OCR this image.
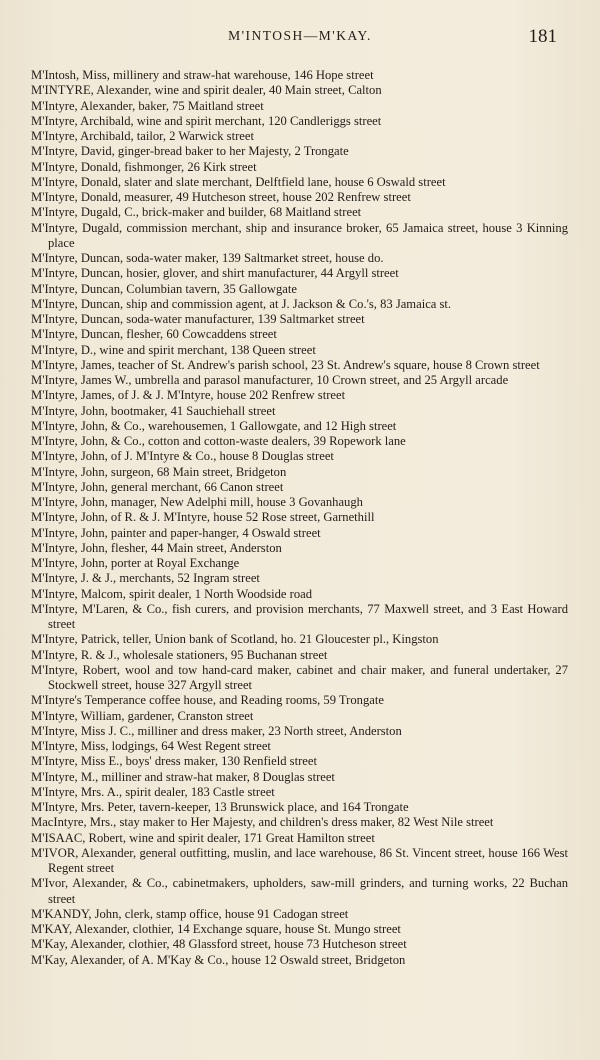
M'INTOSH—M'KAY.	181
M'Intosh, Miss, millinery and straw-hat warehouse, 146 Hope street
M'INTYRE, Alexander, wine and spirit dealer, 40 Main street, Calton
M'Intyre, Alexander, baker, 75 Maitland street
M'Intyre, Archibald, wine and spirit merchant, 120 Candleriggs street
M'Intyre, Archibald, tailor, 2 Warwick street
M'Intyre, David, ginger-bread baker to her Majesty, 2 Trongate
M'Intyre, Donald, fishmonger, 26 Kirk street
M'Intyre, Donald, slater and slate merchant, Delftfield lane, house 6 Oswald street
M'Intyre, Donald, measurer, 49 Hutcheson street, house 202 Renfrew street
M'Intyre, Dugald, C., brick-maker and builder, 68 Maitland street
M'Intyre, Dugald, commission merchant, ship and insurance broker, 65 Jamaica street, house 3 Kinning place
M'Intyre, Duncan, soda-water maker, 139 Saltmarket street, house do.
M'Intyre, Duncan, hosier, glover, and shirt manufacturer, 44 Argyll street
M'Intyre, Duncan, Columbian tavern, 35 Gallowgate
M'Intyre, Duncan, ship and commission agent, at J. Jackson & Co.'s, 83 Jamaica st.
M'Intyre, Duncan, soda-water manufacturer, 139 Saltmarket street
M'Intyre, Duncan, flesher, 60 Cowcaddens street
M'Intyre, D., wine and spirit merchant, 138 Queen street
M'Intyre, James, teacher of St. Andrew's parish school, 23 St. Andrew's square, house 8 Crown street
M'Intyre, James W., umbrella and parasol manufacturer, 10 Crown street, and 25 Argyll arcade
M'Intyre, James, of J. & J. M'Intyre, house 202 Renfrew street
M'Intyre, John, bootmaker, 41 Sauchiehall street
M'Intyre, John, & Co., warehousemen, 1 Gallowgate, and 12 High street
M'Intyre, John, & Co., cotton and cotton-waste dealers, 39 Ropework lane
M'Intyre, John, of J. M'Intyre & Co., house 8 Douglas street
M'Intyre, John, surgeon, 68 Main street, Bridgeton
M'Intyre, John, general merchant, 66 Canon street
M'Intyre, John, manager, New Adelphi mill, house 3 Govanhaugh
M'Intyre, John, of R. & J. M'Intyre, house 52 Rose street, Garnethill
M'Intyre, John, painter and paper-hanger, 4 Oswald street
M'Intyre, John, flesher, 44 Main street, Anderston
M'Intyre, John, porter at Royal Exchange
M'Intyre, J. & J., merchants, 52 Ingram street
M'Intyre, Malcom, spirit dealer, 1 North Woodside road
M'Intyre, M'Laren, & Co., fish curers, and provision merchants, 77 Maxwell street, and 3 East Howard street
M'Intyre, Patrick, teller, Union bank of Scotland, ho. 21 Gloucester pl., Kingston
M'Intyre, R. & J., wholesale stationers, 95 Buchanan street
M'Intyre, Robert, wool and tow hand-card maker, cabinet and chair maker, and funeral undertaker, 27 Stockwell street, house 327 Argyll street
M'Intyre's Temperance coffee house, and Reading rooms, 59 Trongate
M'Intyre, William, gardener, Cranston street
M'Intyre, Miss J. C., milliner and dress maker, 23 North street, Anderston
M'Intyre, Miss, lodgings, 64 West Regent street
M'Intyre, Miss E., boys' dress maker, 130 Renfield street
M'Intyre, M., milliner and straw-hat maker, 8 Douglas street
M'Intyre, Mrs. A., spirit dealer, 183 Castle street
M'Intyre, Mrs. Peter, tavern-keeper, 13 Brunswick place, and 164 Trongate
MacIntyre, Mrs., stay maker to Her Majesty, and children's dress maker, 82 West Nile street
M'ISAAC, Robert, wine and spirit dealer, 171 Great Hamilton street
M'IVOR, Alexander, general outfitting, muslin, and lace warehouse, 86 St. Vincent street, house 166 West Regent street
M'Ivor, Alexander, & Co., cabinetmakers, upholders, saw-mill grinders, and turning works, 22 Buchan street
M'KANDY, John, clerk, stamp office, house 91 Cadogan street
M'KAY, Alexander, clothier, 14 Exchange square, house St. Mungo street
M'Kay, Alexander, clothier, 48 Glassford street, house 73 Hutcheson street
M'Kay, Alexander, of A. M'Kay & Co., house 12 Oswald street, Bridgeton
